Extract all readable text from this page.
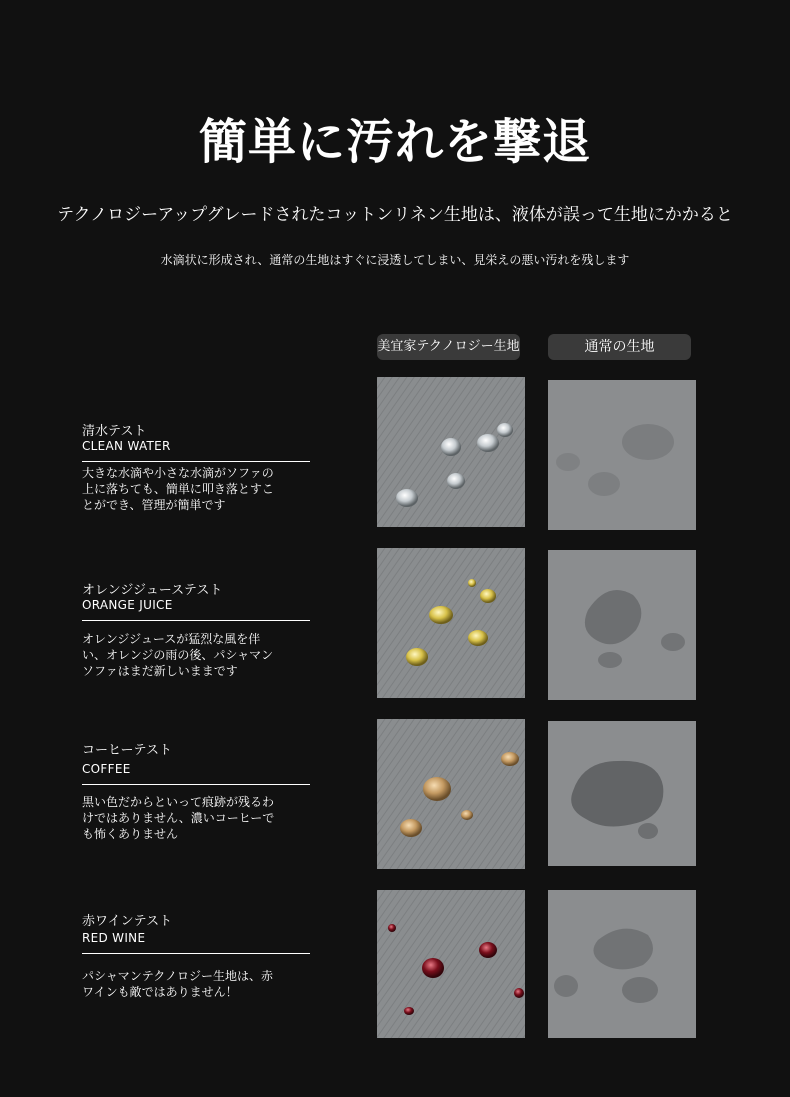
簡単に汚れを撃退
テクノロジーアップグレードされたコットンリネン生地は、液体が誤って生地にかかると
水滴状に形成され、通常の生地はすぐに浸透してしまい、見栄えの悪い汚れを残します
美宜家テクノロジー生地	通常の生地
清水テスト
CLEAN WATER
大きな水滴や小さな水滴がソファの上に落ちても、簡単に叩き落とすことができ、管理が簡単です
オレンジジューステスト
ORANGE JUICE
オレンジジュースが猛烈な風を伴い、オレンジの雨の後、パシャマンソファはまだ新しいままです
コーヒーテスト
COFFEE
黒い色だからといって痕跡が残るわけではありません、濃いコーヒーでも怖くありません
赤ワインテスト
RED WINE
パシャマンテクノロジー生地は、赤ワインも敵ではありません！
